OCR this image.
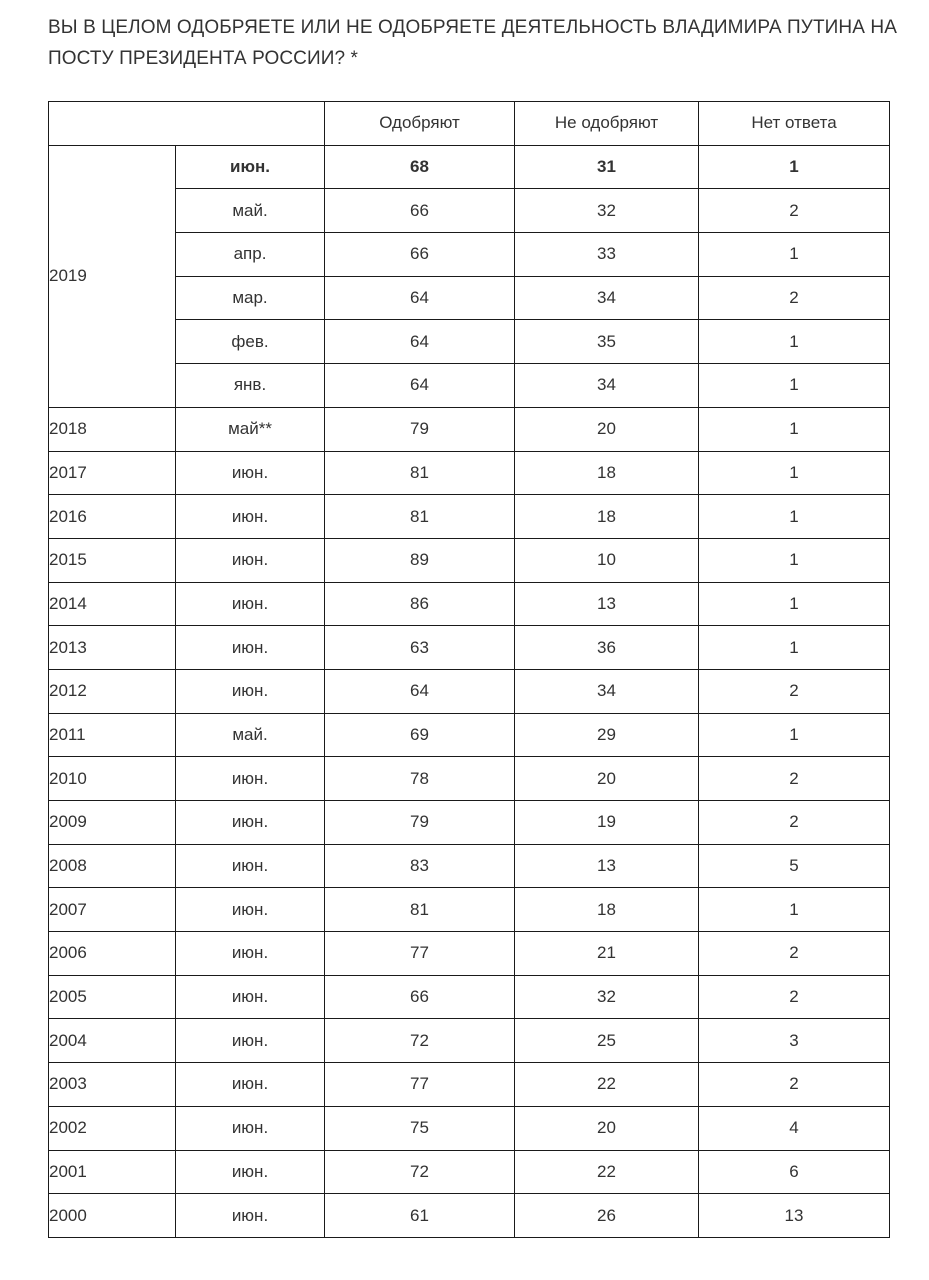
ВЫ В ЦЕЛОМ ОДОБРЯЕТЕ ИЛИ НЕ ОДОБРЯЕТЕ ДЕЯТЕЛЬНОСТЬ ВЛАДИМИРА ПУТИНА НА ПОСТУ ПРЕЗИДЕНТА РОССИИ? *

		Одобряют	Не одобряют	Нет ответа
2019	июн.	68	31	1
	май.	66	32	2
	апр.	66	33	1
	мар.	64	34	2
	фев.	64	35	1
	янв.	64	34	1
2018	май**	79	20	1
2017	июн.	81	18	1
2016	июн.	81	18	1
2015	июн.	89	10	1
2014	июн.	86	13	1
2013	июн.	63	36	1
2012	июн.	64	34	2
2011	май.	69	29	1
2010	июн.	78	20	2
2009	июн.	79	19	2
2008	июн.	83	13	5
2007	июн.	81	18	1
2006	июн.	77	21	2
2005	июн.	66	32	2
2004	июн.	72	25	3
2003	июн.	77	22	2
2002	июн.	75	20	4
2001	июн.	72	22	6
2000	июн.	61	26	13
